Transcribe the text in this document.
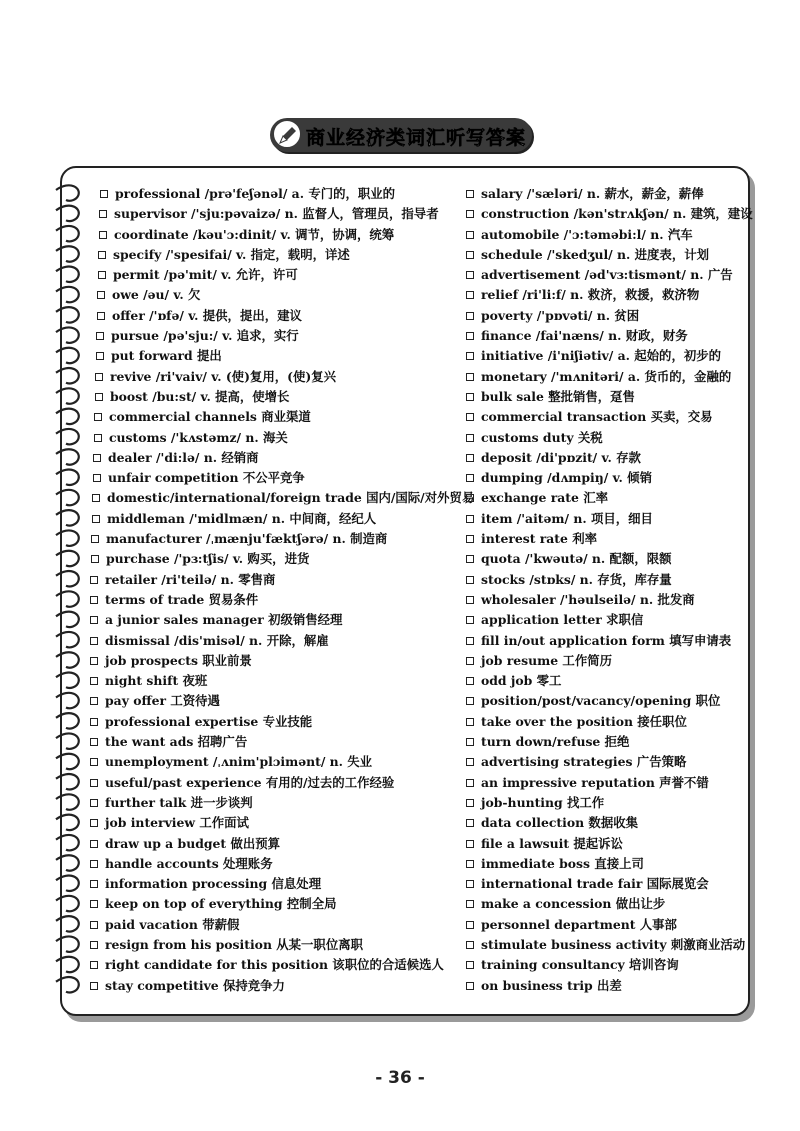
商业经济类词汇听写答案
professional /prə'feʃənəl/ a. 专门的，职业的
supervisor /'sju:pəvaizə/ n. 监督人，管理员，指导者
coordinate /kəu'ɔ:dinit/ v. 调节，协调，统筹
specify /'spesifai/ v. 指定，载明，详述
permit /pə'mit/ v. 允许，许可
owe /əu/ v. 欠
offer /'ɒfə/ v. 提供，提出，建议
pursue /pə'sju:/ v. 追求，实行
put forward 提出
revive /ri'vaiv/ v. (使)复用，(使)复兴
boost /bu:st/ v. 提高，使增长
commercial channels 商业渠道
customs /'kʌstəmz/ n. 海关
dealer /'di:lə/ n. 经销商
unfair competition 不公平竞争
domestic/international/foreign trade 国内/国际/对外贸易
middleman /'midlmæn/ n. 中间商，经纪人
manufacturer /ˌmænju'fæktʃərə/ n. 制造商
purchase /'pɜ:tʃis/ v. 购买，进货
retailer /ri'teilə/ n. 零售商
terms of trade 贸易条件
a junior sales manager 初级销售经理
dismissal /dis'misəl/ n. 开除，解雇
job prospects 职业前景
night shift 夜班
pay offer 工资待遇
professional expertise 专业技能
the want ads 招聘广告
unemployment /ˌʌnim'plɔimənt/ n. 失业
useful/past experience 有用的/过去的工作经验
further talk 进一步谈判
job interview 工作面试
draw up a budget 做出预算
handle accounts 处理账务
information processing 信息处理
keep on top of everything 控制全局
paid vacation 带薪假
resign from his position 从某一职位离职
right candidate for this position 该职位的合适候选人
stay competitive 保持竞争力
salary /'sæləri/ n. 薪水，薪金，薪俸
construction /kən'strʌkʃən/ n. 建筑，建设
automobile /'ɔ:təməbi:l/ n. 汽车
schedule /'skedʒul/ n. 进度表，计划
advertisement /əd'vɜ:tismənt/ n. 广告
relief /ri'li:f/ n. 救济，救援，救济物
poverty /'pɒvəti/ n. 贫困
finance /fai'næns/ n. 财政，财务
initiative /i'niʃiətiv/ a. 起始的，初步的
monetary /'mʌnitəri/ a. 货币的，金融的
bulk sale 整批销售，趸售
commercial transaction 买卖，交易
customs duty 关税
deposit /di'pɒzit/ v. 存款
dumping /dʌmpiŋ/ v. 倾销
exchange rate 汇率
item /'aitəm/ n. 项目，细目
interest rate 利率
quota /'kwəutə/ n. 配额，限额
stocks /stɒks/ n. 存货，库存量
wholesaler /'həulseilə/ n. 批发商
application letter 求职信
fill in/out application form 填写申请表
job resume 工作简历
odd job 零工
position/post/vacancy/opening 职位
take over the position 接任职位
turn down/refuse 拒绝
advertising strategies 广告策略
an impressive reputation 声誉不错
job-hunting 找工作
data collection 数据收集
file a lawsuit 提起诉讼
immediate boss 直接上司
international trade fair 国际展览会
make a concession 做出让步
personnel department 人事部
stimulate business activity 刺激商业活动
training consultancy 培训咨询
on business trip 出差
- 36 -
